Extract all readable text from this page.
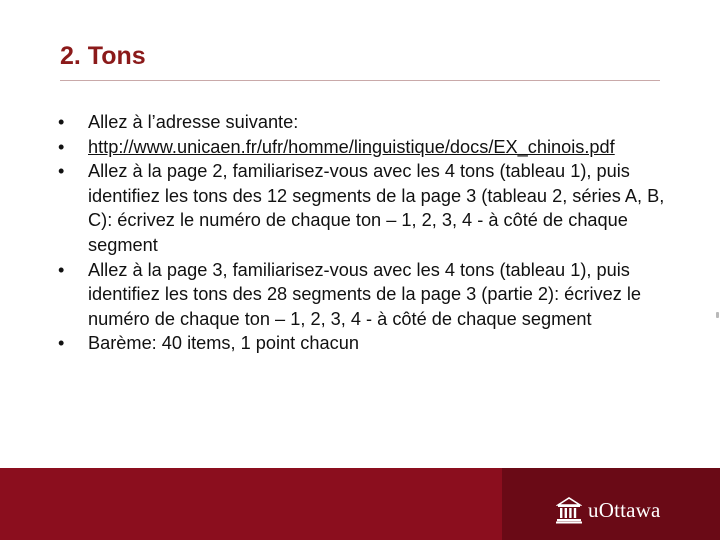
2. Tons
• Allez à l’adresse suivante:
• http://www.unicaen.fr/ufr/homme/linguistique/docs/EX_chinois.pdf
• Allez à la page 2, familiarisez-vous avec les 4 tons (tableau 1), puis identifiez les tons des 12 segments de la page 3 (tableau 2, séries A, B, C): écrivez le numéro de chaque ton – 1, 2, 3, 4 - à côté de chaque segment
• Allez à la page 3, familiarisez-vous avec les 4 tons (tableau 1), puis identifiez les tons des 28 segments de la page 3 (partie 2): écrivez le numéro de chaque ton – 1, 2, 3, 4 - à côté de chaque segment
• Barème: 40 items, 1 point chacun
uOttawa
